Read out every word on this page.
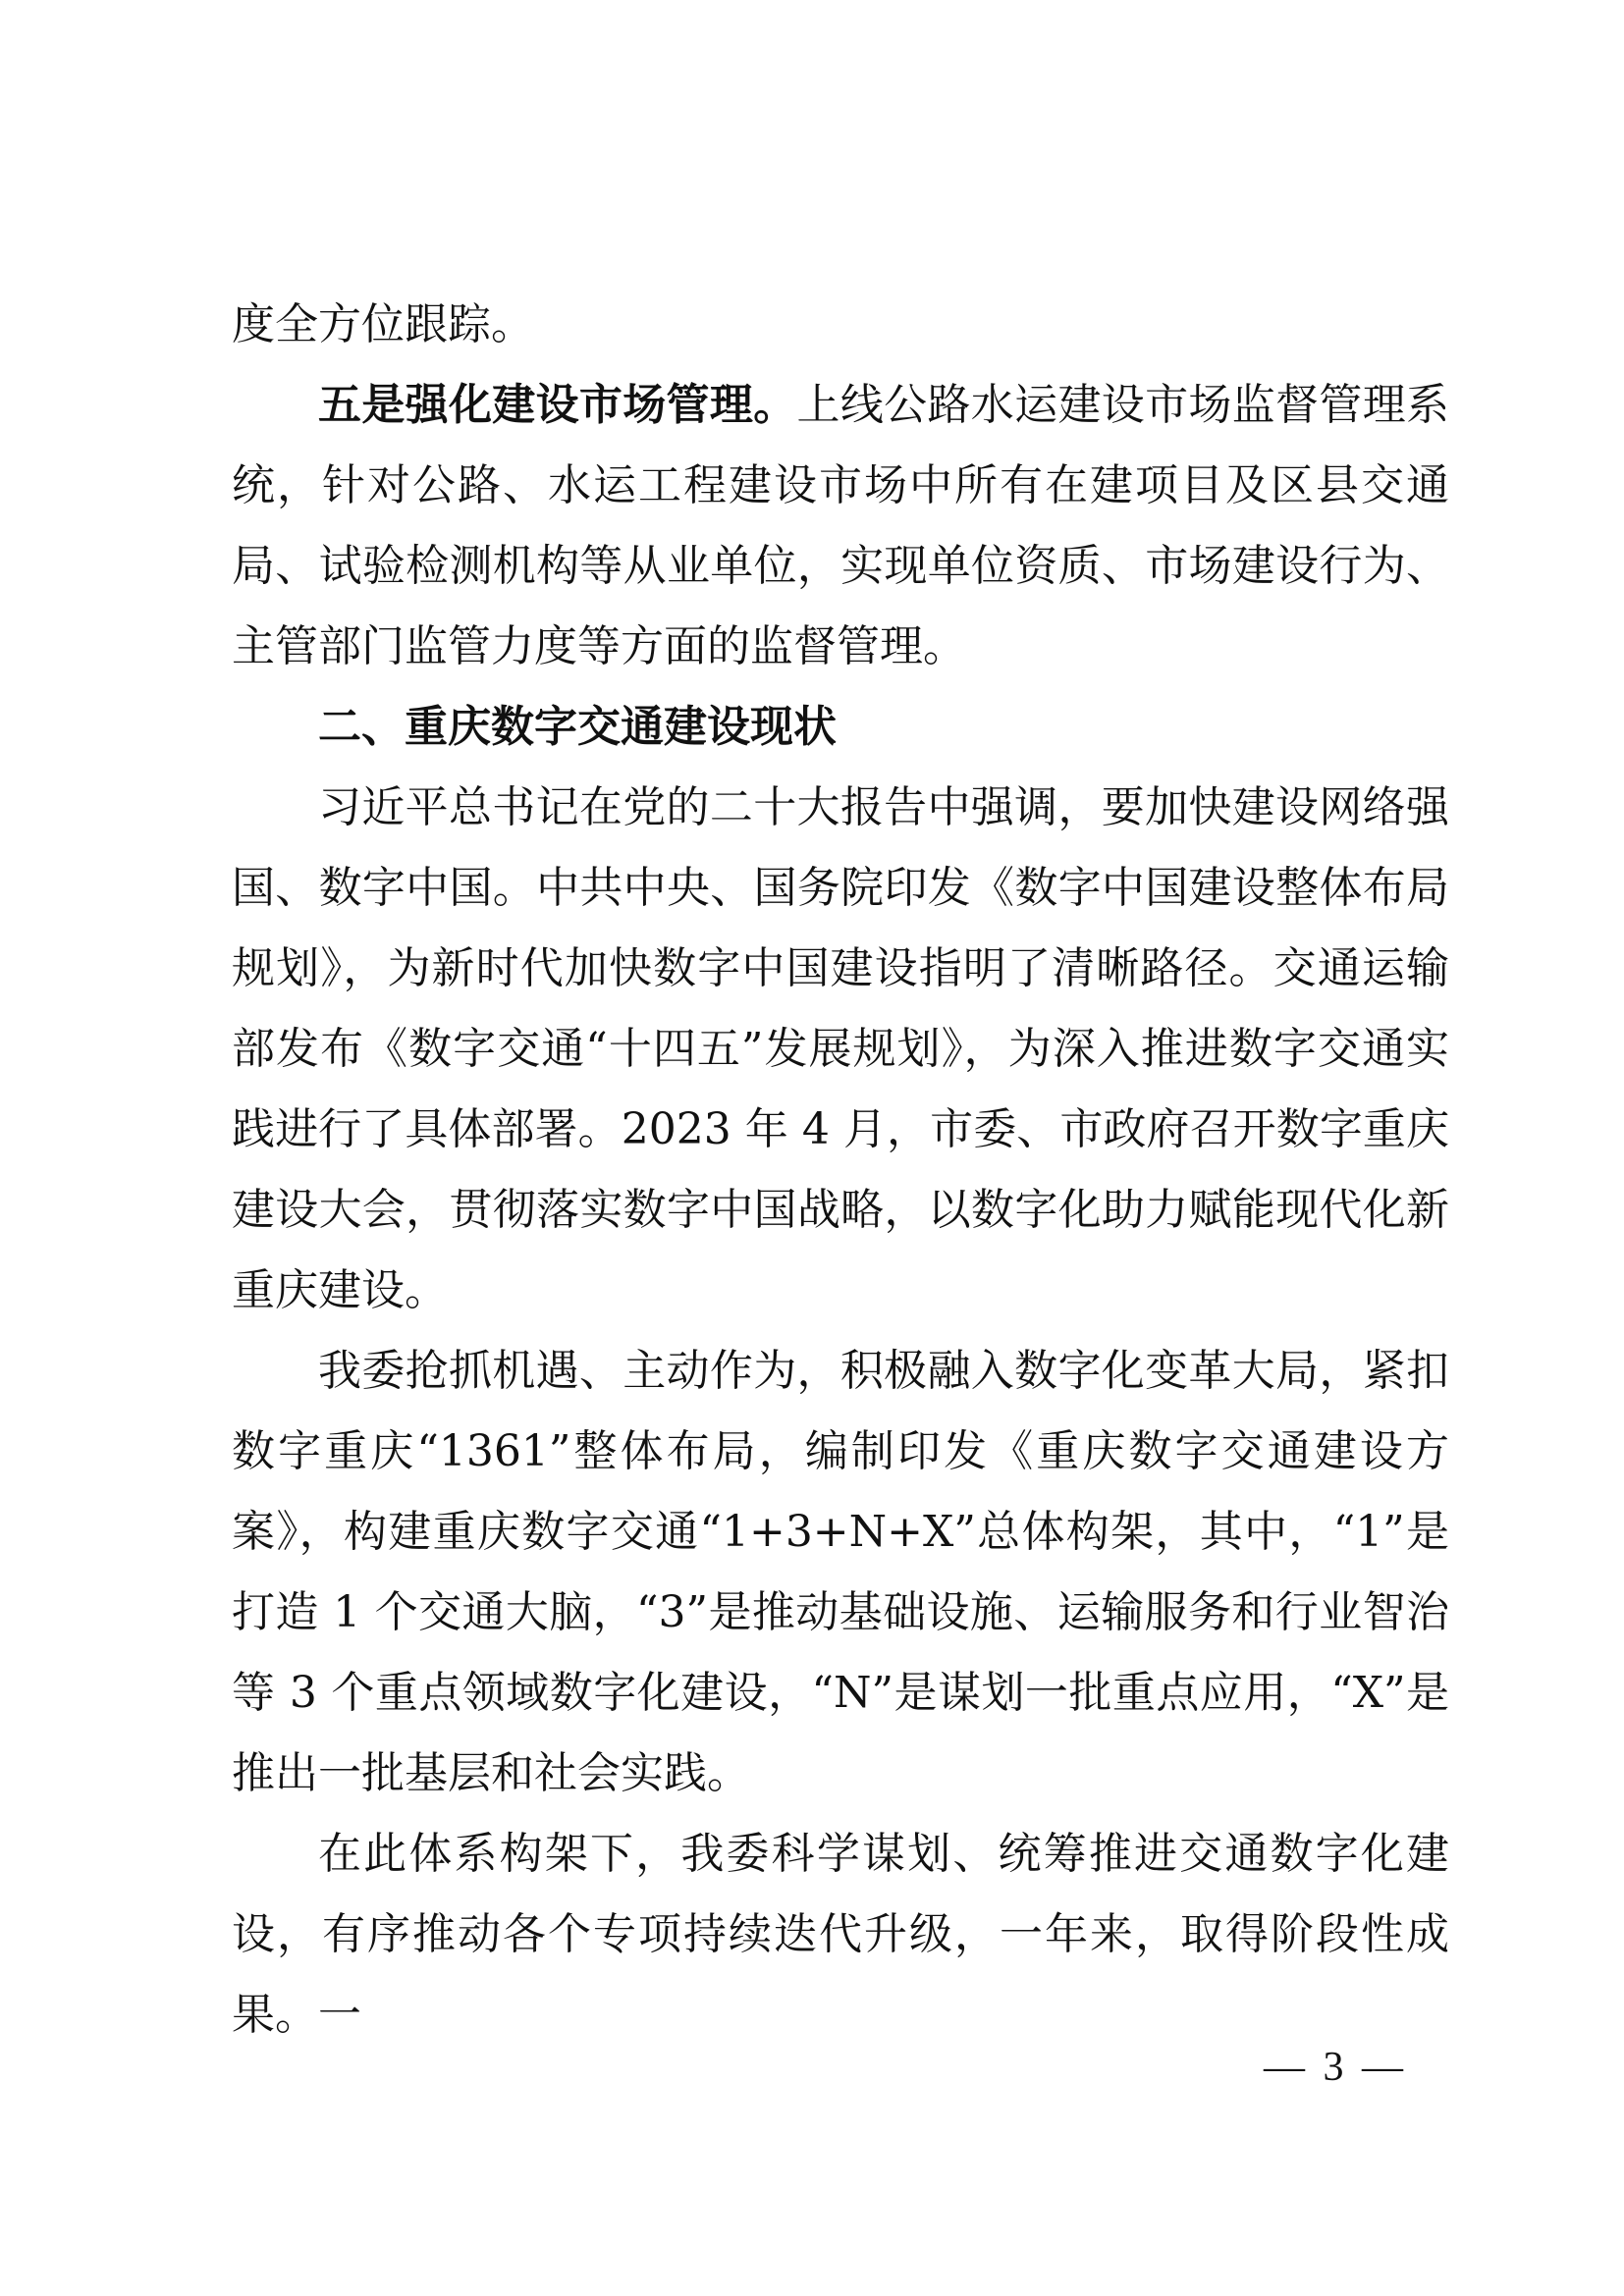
度全方位跟踪。

五是强化建设市场管理。上线公路水运建设市场监督管理系统，针对公路、水运工程建设市场中所有在建项目及区县交通局、试验检测机构等从业单位，实现单位资质、市场建设行为、主管部门监管力度等方面的监督管理。

二、重庆数字交通建设现状

习近平总书记在党的二十大报告中强调，要加快建设网络强国、数字中国。中共中央、国务院印发《数字中国建设整体布局规划》，为新时代加快数字中国建设指明了清晰路径。交通运输部发布《数字交通“十四五”发展规划》，为深入推进数字交通实践进行了具体部署。2023 年 4 月，市委、市政府召开数字重庆建设大会，贯彻落实数字中国战略，以数字化助力赋能现代化新重庆建设。

我委抢抓机遇、主动作为，积极融入数字化变革大局，紧扣数字重庆“1361”整体布局，编制印发《重庆数字交通建设方案》，构建重庆数字交通“1+3+N+X”总体构架，其中，“1”是打造 1 个交通大脑，“3”是推动基础设施、运输服务和行业智治等 3 个重点领域数字化建设，“N”是谋划一批重点应用，“X”是推出一批基层和社会实践。

在此体系构架下，我委科学谋划、统筹推进交通数字化建设，有序推动各个专项持续迭代升级，一年来，取得阶段性成果。一

— 3 —
